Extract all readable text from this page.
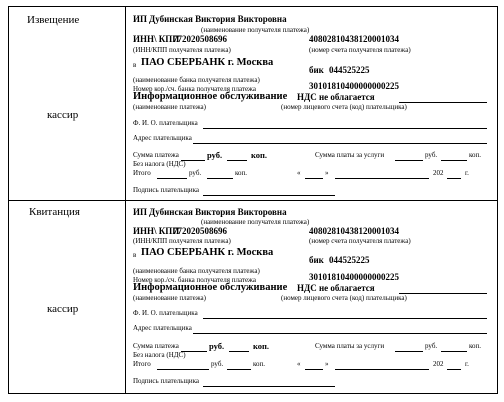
Извещение
кассир
ИП Дубинская Виктория Викторовна
(наименование получателя платежа)
ИНН\ КПП
772020508696	40802810438120001034
(ИНН/КПП получателя платежа)	(номер счета получателя платежа)
в ПАО СБЕРБАНК г. Москва
бик 044525225
(наименование банка получателя платежа)
Номер кор./сч. банка получателя платежа	30101810400000000225
Информационное обслуживание НДС не облагается
(наименование платежа)	(номер лицевого счета (код) плательщика)
Ф. И. О. плательщика
Адрес плательщика
Сумма платежа	руб.	коп.	Сумма платы за услуги	руб.	коп.
Без налога (НДС)
Итого	руб.	коп.	«	»	202	г.
Подпись плательщика
Квитанция
кассир
ИП Дубинская Виктория Викторовна
(наименование получателя платежа)
ИНН\ КПП
772020508696	40802810438120001034
(ИНН/КПП получателя платежа)	(номер счета получателя платежа)
в ПАО СБЕРБАНК г. Москва
бик 044525225
(наименование банка получателя платежа)
Номер кор./сч. банка получателя платежа	30101810400000000225
Информационное обслуживание НДС не облагается
(наименование платежа)	(номер лицевого счета (код) плательщика)
Ф. И. О. плательщика
Адрес плательщика
Сумма платежа	руб.	коп.	Сумма платы за услуги	руб.	коп.
Без налога (НДС)
Итого	руб.	коп.	«	»	202	г.
Подпись плательщика
